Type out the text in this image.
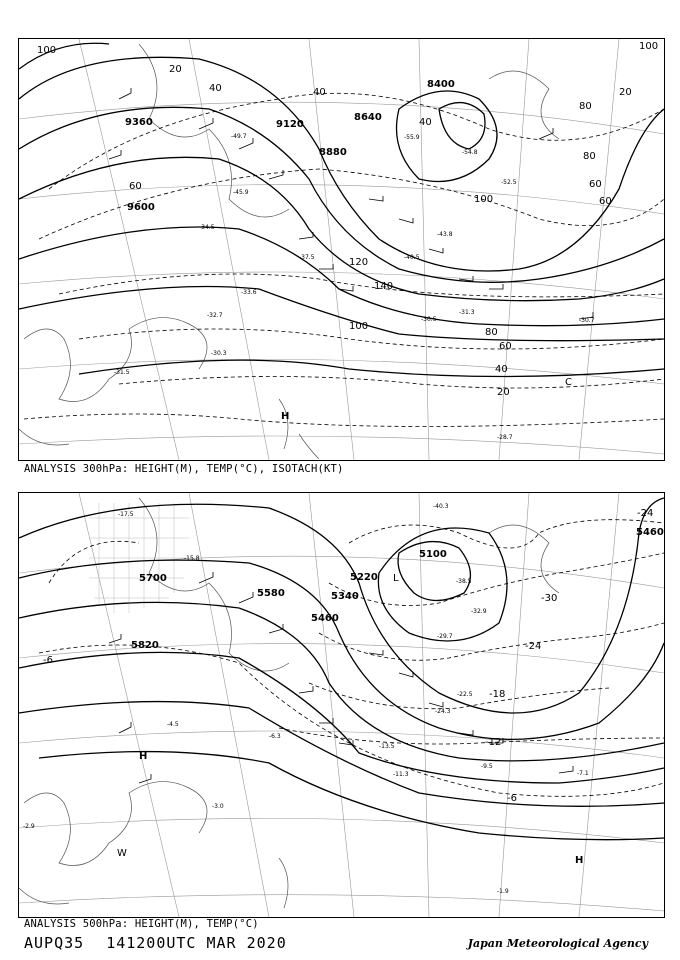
9360
9600
9120
8640
8400
8880
100
20
40
60
40
60
80
80
100
60
120
140
100
80
60
40
20
40
20
100
-28.7
-31.5
-30.3
-32.7	-31.3
-30.7
-30.5
-34.5
-33.6
-37.5	-40.5
-43.8
-52.5
-55.9
-54.8
-49.7
-45.9
H
C
ANALYSIS 300hPa: HEIGHT(M), TEMP(°C), ISOTACH(KT)
5700
5820
5580
5460
5340
5220
5100
5460
-24
-30
-24
-18
-12
-6
-6
-40.3
-38.5
-32.9
-29.7
-24.3
-22.5
-13.5
-11.3
-9.5
-7.1
-3.0
-1.9
-4.5
-6.3
-15.8
-17.5
-2.9
H
H
W
L
ANALYSIS 500hPa: HEIGHT(M), TEMP(°C)
AUPQ35 141200UTC MAR 2020	Japan Meteorological Agency
